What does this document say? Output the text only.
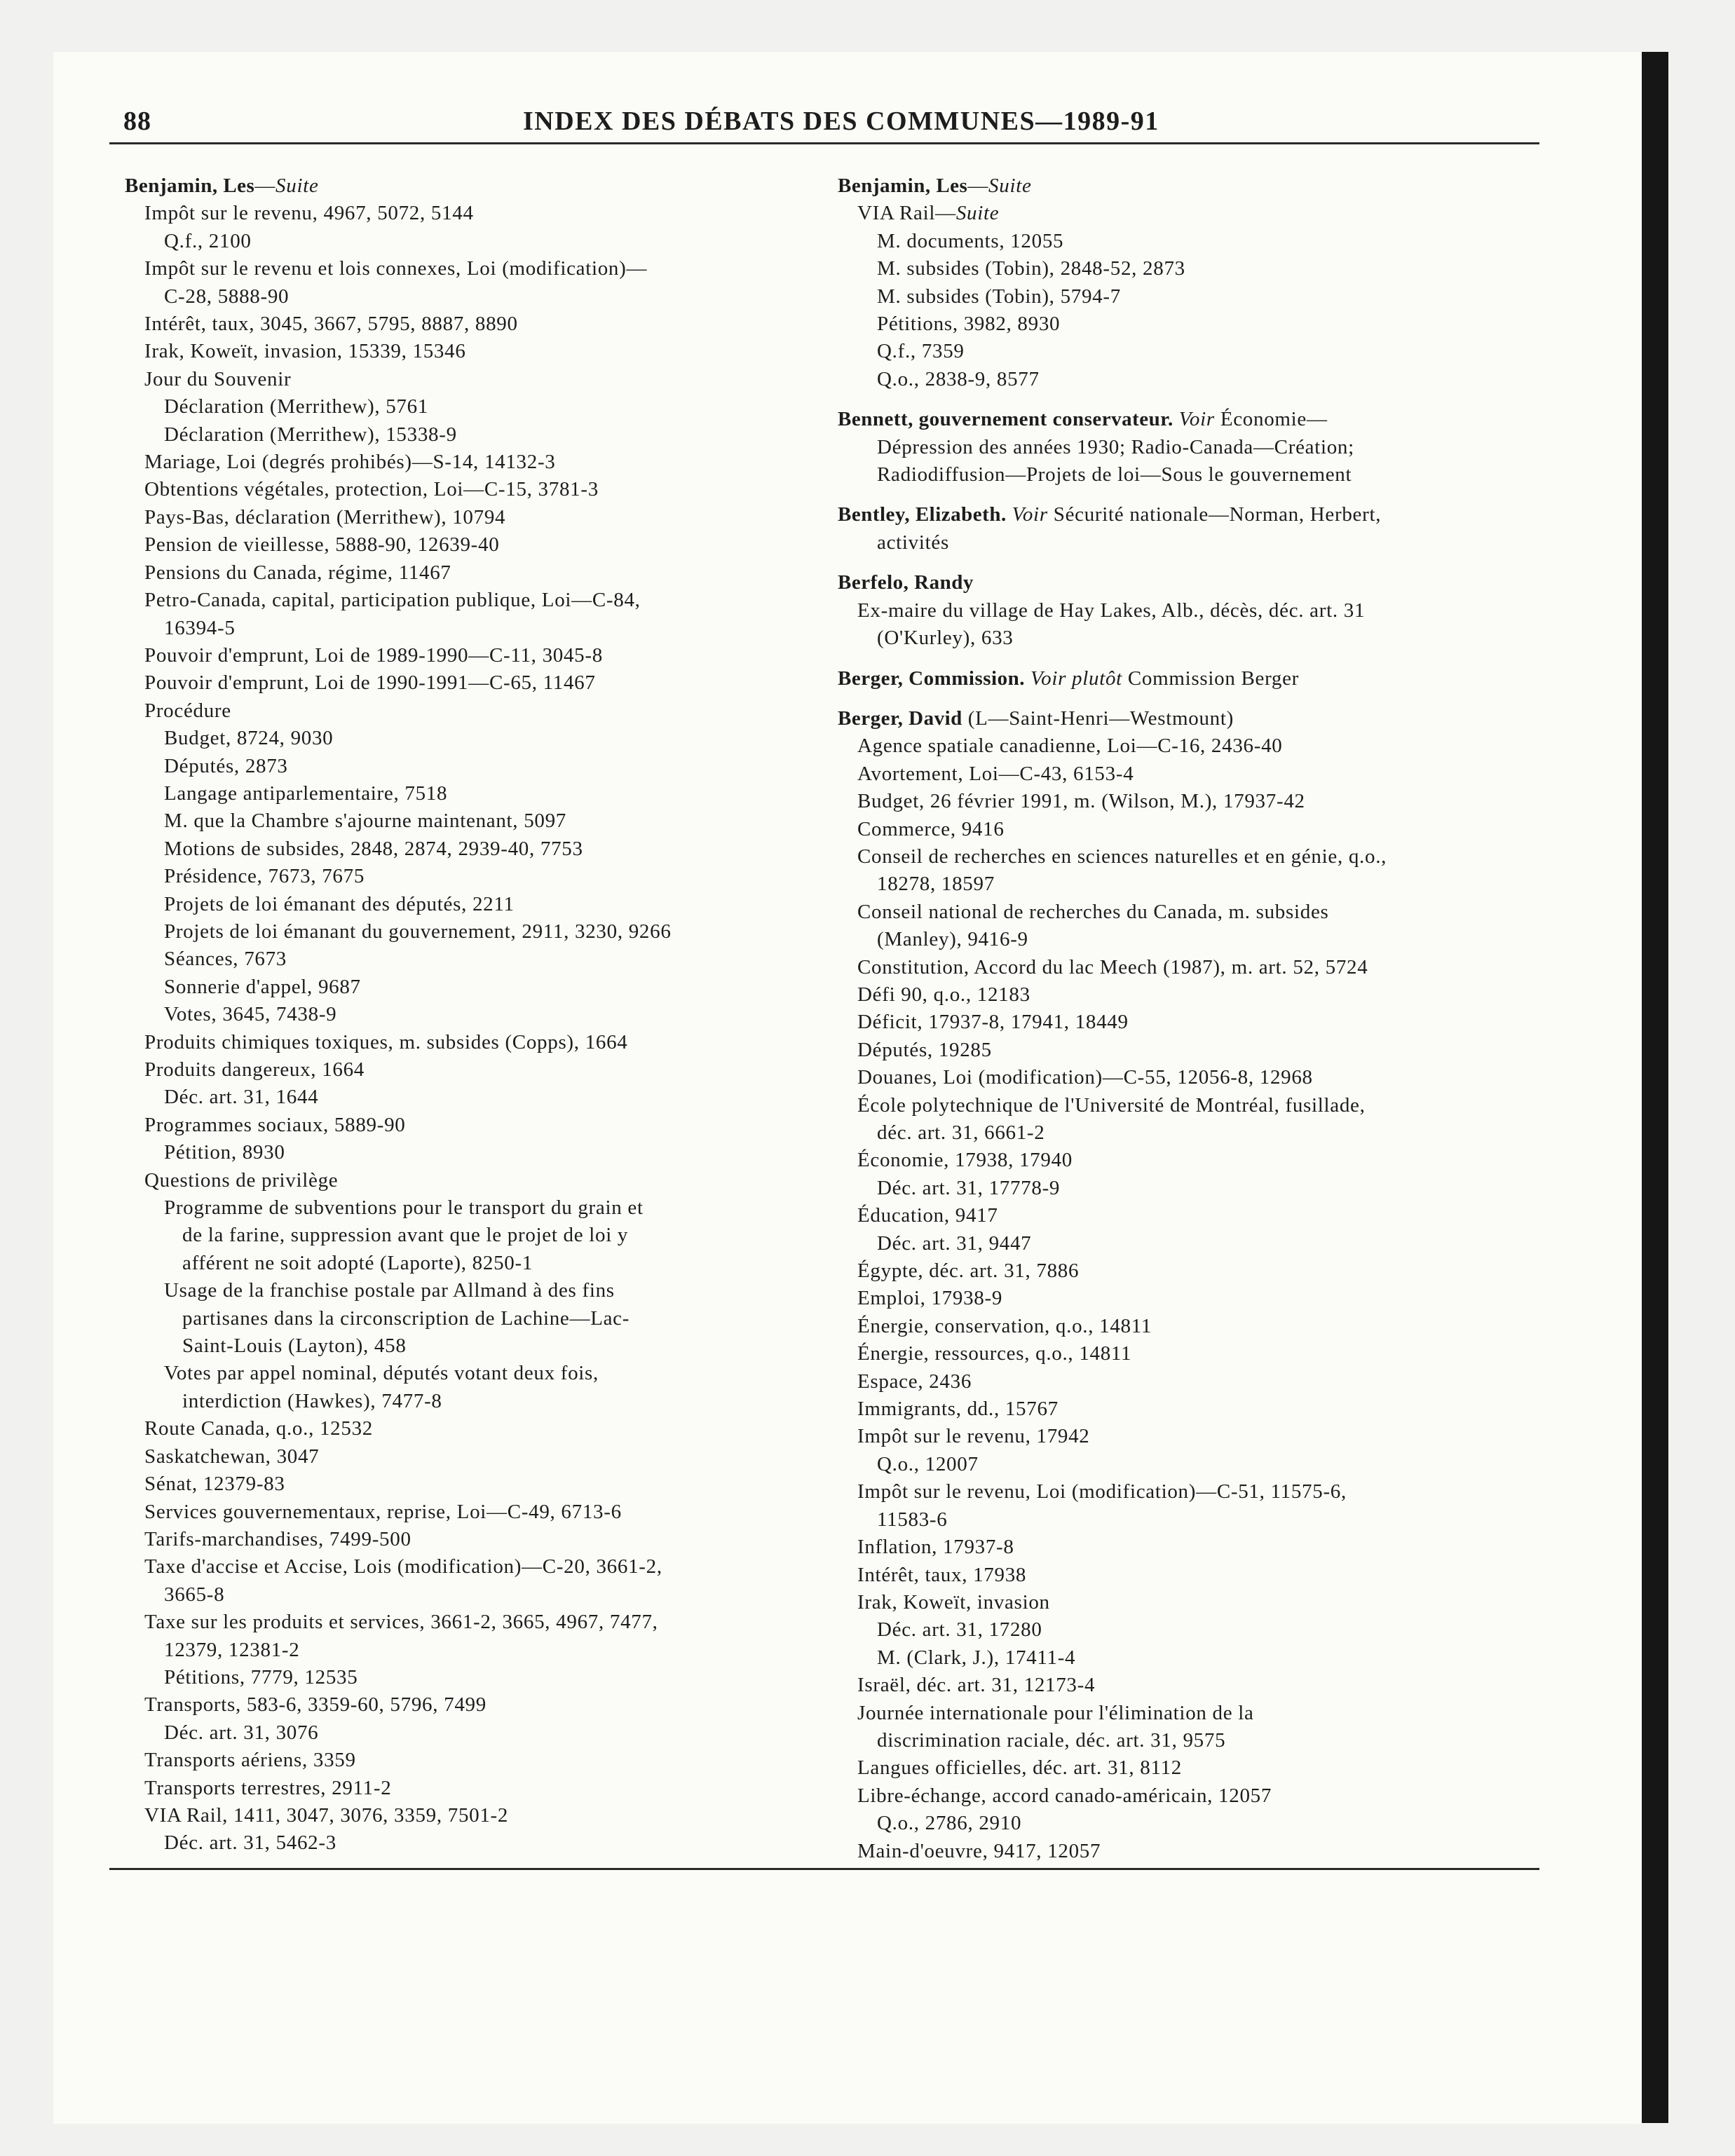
88	INDEX DES DÉBATS DES COMMUNES—1989-91
Benjamin, Les—Suite
Impôt sur le revenu, 4967, 5072, 5144
Q.f., 2100
Impôt sur le revenu et lois connexes, Loi (modification)—
C-28, 5888-90
Intérêt, taux, 3045, 3667, 5795, 8887, 8890
Irak, Koweït, invasion, 15339, 15346
Jour du Souvenir
Déclaration (Merrithew), 5761
Déclaration (Merrithew), 15338-9
Mariage, Loi (degrés prohibés)—S-14, 14132-3
Obtentions végétales, protection, Loi—C-15, 3781-3
Pays-Bas, déclaration (Merrithew), 10794
Pension de vieillesse, 5888-90, 12639-40
Pensions du Canada, régime, 11467
Petro-Canada, capital, participation publique, Loi—C-84,
16394-5
Pouvoir d'emprunt, Loi de 1989-1990—C-11, 3045-8
Pouvoir d'emprunt, Loi de 1990-1991—C-65, 11467
Procédure
Budget, 8724, 9030
Députés, 2873
Langage antiparlementaire, 7518
M. que la Chambre s'ajourne maintenant, 5097
Motions de subsides, 2848, 2874, 2939-40, 7753
Présidence, 7673, 7675
Projets de loi émanant des députés, 2211
Projets de loi émanant du gouvernement, 2911, 3230, 9266
Séances, 7673
Sonnerie d'appel, 9687
Votes, 3645, 7438-9
Produits chimiques toxiques, m. subsides (Copps), 1664
Produits dangereux, 1664
Déc. art. 31, 1644
Programmes sociaux, 5889-90
Pétition, 8930
Questions de privilège
Programme de subventions pour le transport du grain et
de la farine, suppression avant que le projet de loi y
afférent ne soit adopté (Laporte), 8250-1
Usage de la franchise postale par Allmand à des fins
partisanes dans la circonscription de Lachine—Lac-
Saint-Louis (Layton), 458
Votes par appel nominal, députés votant deux fois,
interdiction (Hawkes), 7477-8
Route Canada, q.o., 12532
Saskatchewan, 3047
Sénat, 12379-83
Services gouvernementaux, reprise, Loi—C-49, 6713-6
Tarifs-marchandises, 7499-500
Taxe d'accise et Accise, Lois (modification)—C-20, 3661-2,
3665-8
Taxe sur les produits et services, 3661-2, 3665, 4967, 7477,
12379, 12381-2
Pétitions, 7779, 12535
Transports, 583-6, 3359-60, 5796, 7499
Déc. art. 31, 3076
Transports aériens, 3359
Transports terrestres, 2911-2
VIA Rail, 1411, 3047, 3076, 3359, 7501-2
Déc. art. 31, 5462-3
Benjamin, Les—Suite
VIA Rail—Suite
M. documents, 12055
M. subsides (Tobin), 2848-52, 2873
M. subsides (Tobin), 5794-7
Pétitions, 3982, 8930
Q.f., 7359
Q.o., 2838-9, 8577
Bennett, gouvernement conservateur. Voir Économie—
Dépression des années 1930; Radio-Canada—Création;
Radiodiffusion—Projets de loi—Sous le gouvernement
Bentley, Elizabeth. Voir Sécurité nationale—Norman, Herbert,
activités
Berfelo, Randy
Ex-maire du village de Hay Lakes, Alb., décès, déc. art. 31
(O'Kurley), 633
Berger, Commission. Voir plutôt Commission Berger
Berger, David (L—Saint-Henri—Westmount)
Agence spatiale canadienne, Loi—C-16, 2436-40
Avortement, Loi—C-43, 6153-4
Budget, 26 février 1991, m. (Wilson, M.), 17937-42
Commerce, 9416
Conseil de recherches en sciences naturelles et en génie, q.o.,
18278, 18597
Conseil national de recherches du Canada, m. subsides
(Manley), 9416-9
Constitution, Accord du lac Meech (1987), m. art. 52, 5724
Défi 90, q.o., 12183
Déficit, 17937-8, 17941, 18449
Députés, 19285
Douanes, Loi (modification)—C-55, 12056-8, 12968
École polytechnique de l'Université de Montréal, fusillade,
déc. art. 31, 6661-2
Économie, 17938, 17940
Déc. art. 31, 17778-9
Éducation, 9417
Déc. art. 31, 9447
Égypte, déc. art. 31, 7886
Emploi, 17938-9
Énergie, conservation, q.o., 14811
Énergie, ressources, q.o., 14811
Espace, 2436
Immigrants, dd., 15767
Impôt sur le revenu, 17942
Q.o., 12007
Impôt sur le revenu, Loi (modification)—C-51, 11575-6,
11583-6
Inflation, 17937-8
Intérêt, taux, 17938
Irak, Koweït, invasion
Déc. art. 31, 17280
M. (Clark, J.), 17411-4
Israël, déc. art. 31, 12173-4
Journée internationale pour l'élimination de la
discrimination raciale, déc. art. 31, 9575
Langues officielles, déc. art. 31, 8112
Libre-échange, accord canado-américain, 12057
Q.o., 2786, 2910
Main-d'oeuvre, 9417, 12057
